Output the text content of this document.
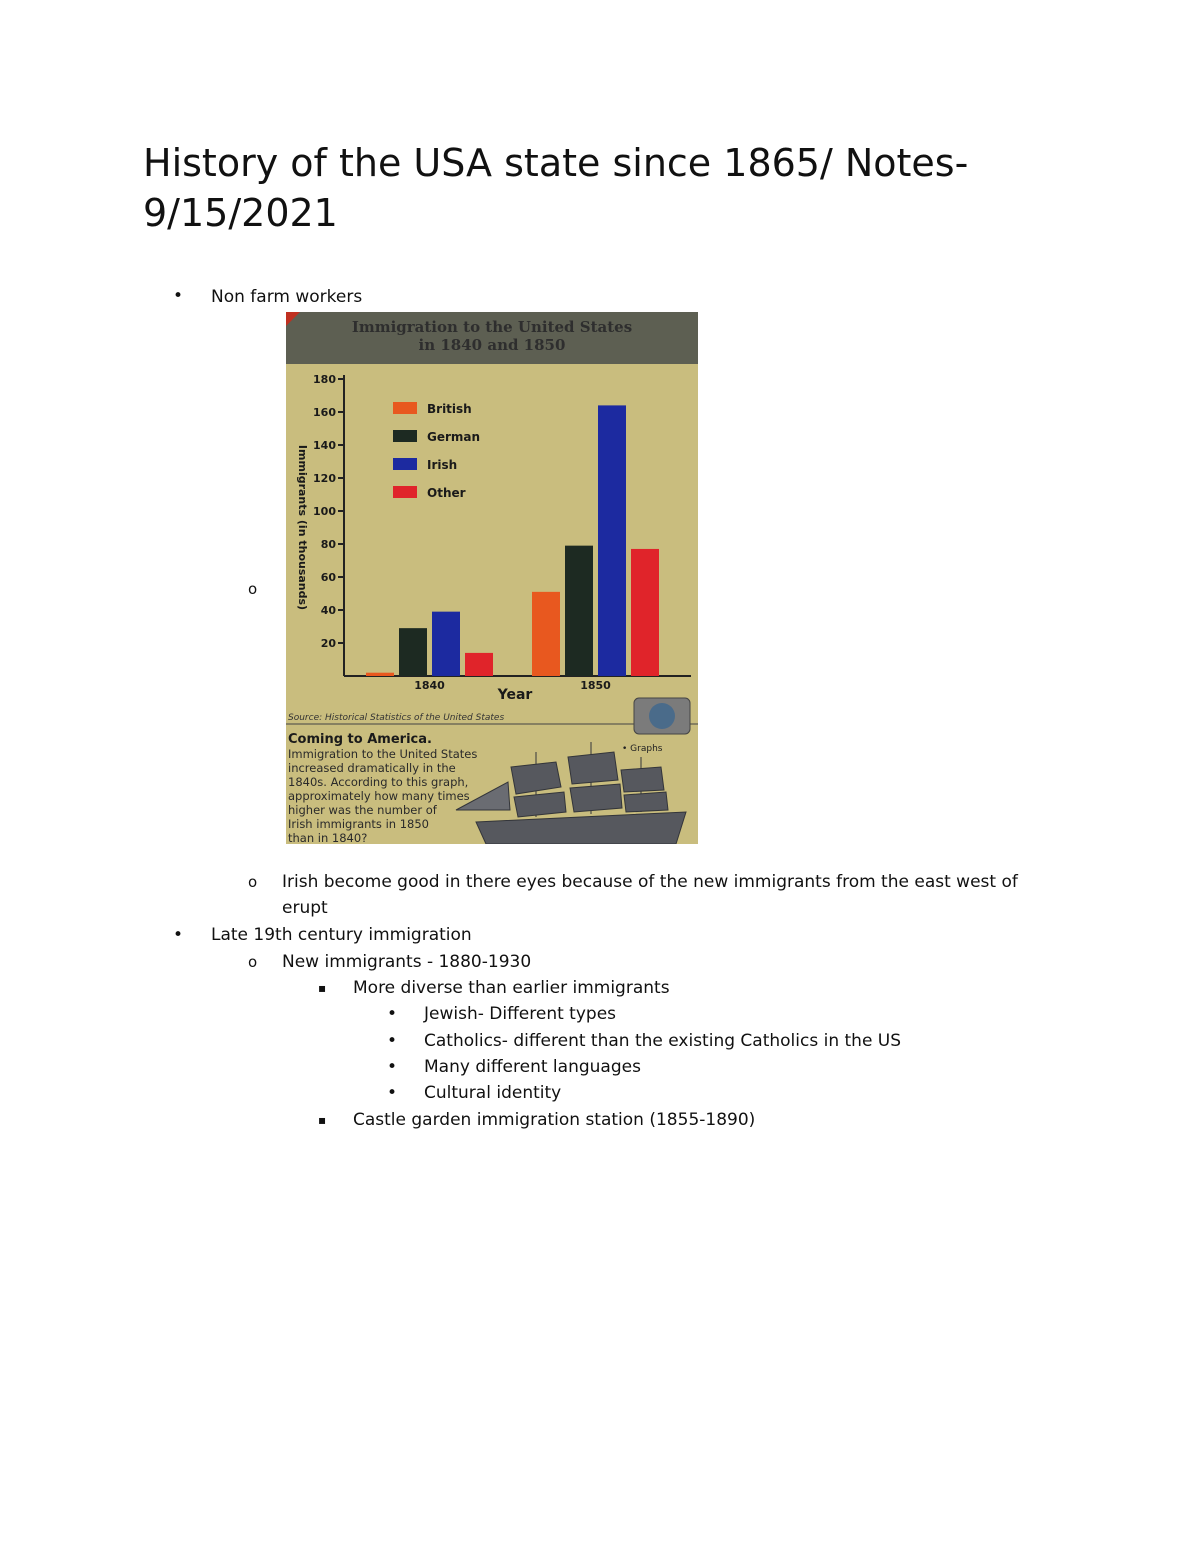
History of the USA state since 1865/ Notes- 9/15/2021
• Non farm workers
o
Immigration to the United States
in 1840 and 1850
20
40
60
80
100
120
140
160
180
Immigrants (in thousands)
Year
1840	1850
British
German
Irish
Other
Source: Historical Statistics of the United States
Coming to America.
Immigration to the United States
increased dramatically in the
1840s. According to this graph,
approximately how many times
higher was the number of
Irish immigrants in 1850
than in 1840?
• Graphs
o Irish become good in there eyes because of the new immigrants from the east west of erupt
• Late 19th century immigration
o New immigrants - 1880-1930
▪ More diverse than earlier immigrants
• Jewish- Different types
• Catholics- different than the existing Catholics in the US
• Many different languages
• Cultural identity
▪ Castle garden immigration station (1855-1890)
